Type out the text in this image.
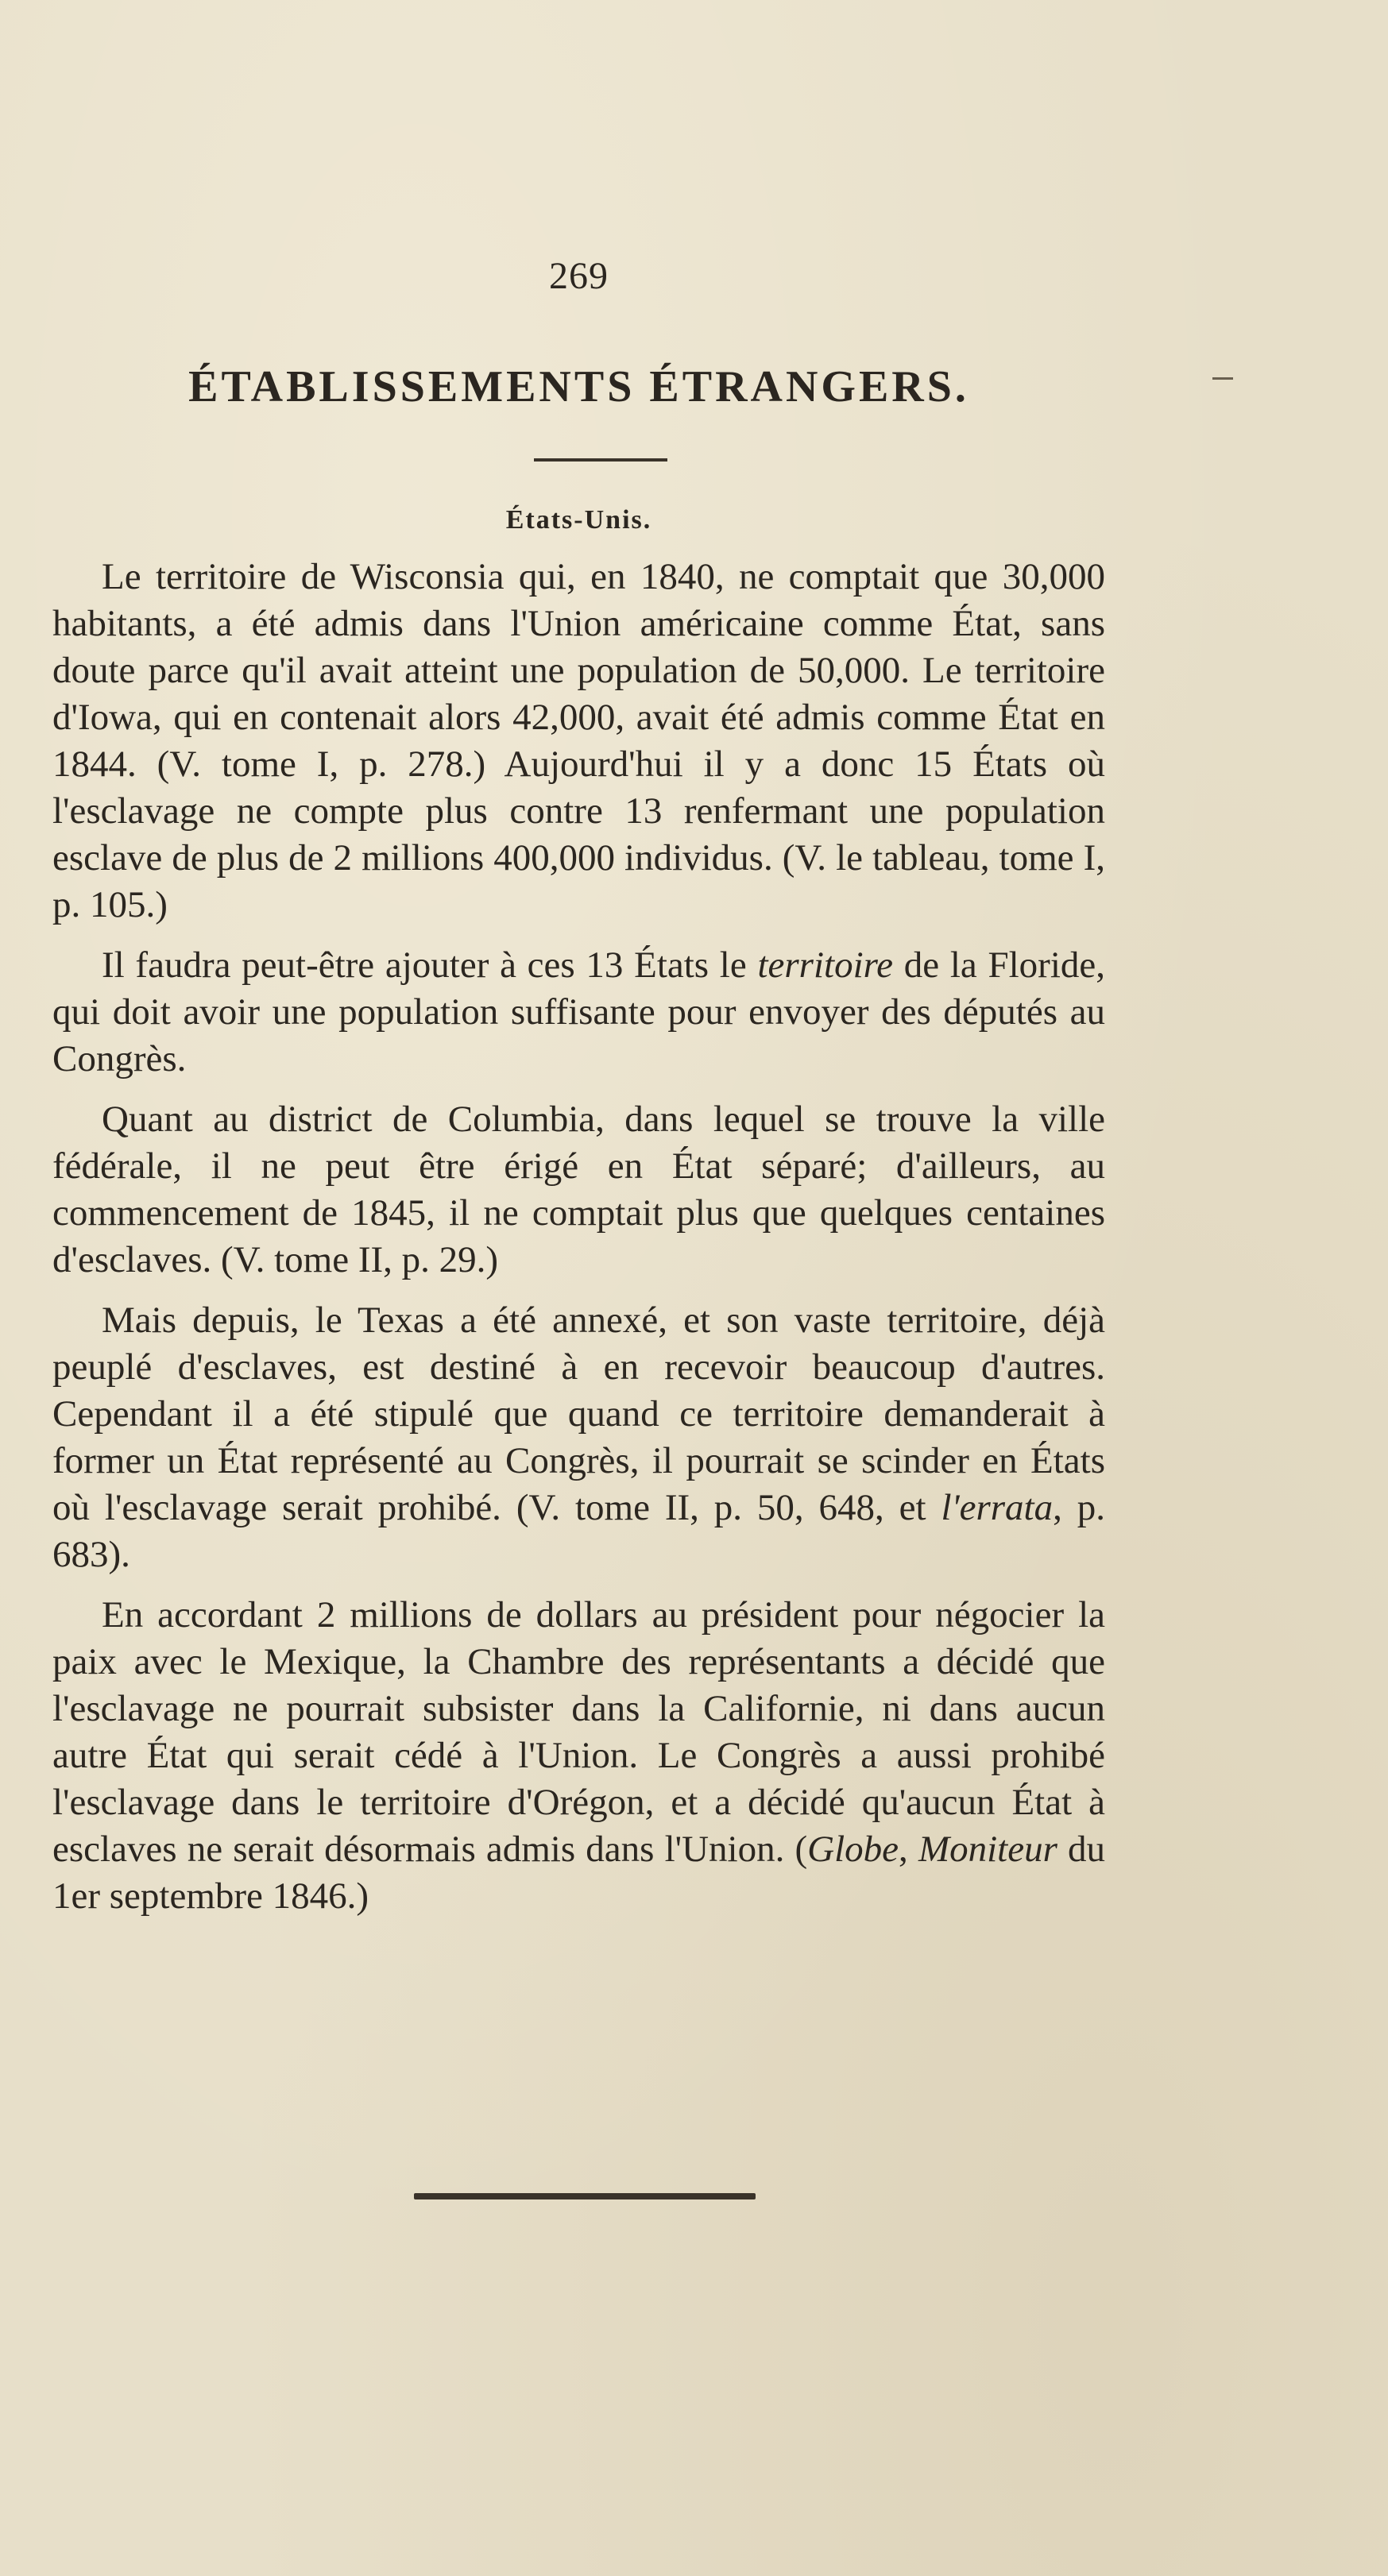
269
ÉTABLISSEMENTS ÉTRANGERS.
États-Unis.

Le territoire de Wisconsia qui, en 1840, ne comptait que 30,000 habitants, a été admis dans l'Union américaine comme État, sans doute parce qu'il avait atteint une population de 50,000. Le territoire d'Iowa, qui en contenait alors 42,000, avait été admis comme État en 1844. (V. tome I, p. 278.) Aujourd'hui il y a donc 15 États où l'esclavage ne compte plus contre 13 renfermant une population esclave de plus de 2 millions 400,000 individus. (V. le tableau, tome I, p. 105.)

Il faudra peut-être ajouter à ces 13 États le territoire de la Floride, qui doit avoir une population suffisante pour envoyer des députés au Congrès.

Quant au district de Columbia, dans lequel se trouve la ville fédérale, il ne peut être érigé en État séparé; d'ailleurs, au commencement de 1845, il ne comptait plus que quelques centaines d'esclaves. (V. tome II, p. 29.)

Mais depuis, le Texas a été annexé, et son vaste territoire, déjà peuplé d'esclaves, est destiné à en recevoir beaucoup d'autres. Cependant il a été stipulé que quand ce territoire demanderait à former un État représenté au Congrès, il pourrait se scinder en États où l'esclavage serait prohibé. (V. tome II, p. 50, 648, et l'errata, p. 683).

En accordant 2 millions de dollars au président pour négocier la paix avec le Mexique, la Chambre des représentants a décidé que l'esclavage ne pourrait subsister dans la Californie, ni dans aucun autre État qui serait cédé à l'Union. Le Congrès a aussi prohibé l'esclavage dans le territoire d'Orégon, et a décidé qu'aucun État à esclaves ne serait désormais admis dans l'Union. (Globe, Moniteur du 1er septembre 1846.)
